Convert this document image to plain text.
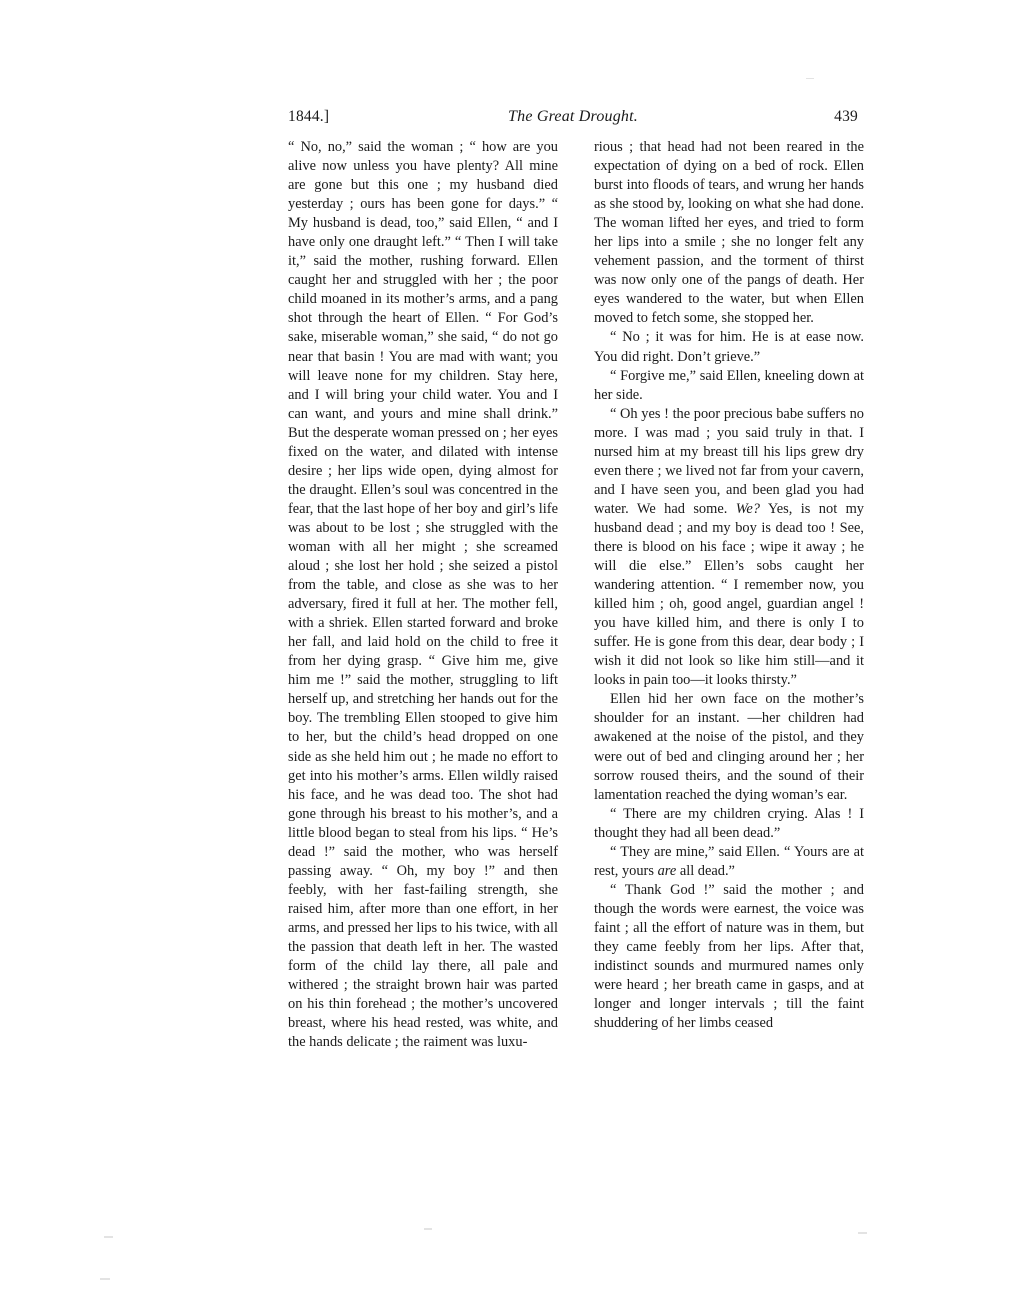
1844.]	The Great Drought.	439

“ No, no,” said the woman ; “ how are you alive now unless you have plenty? All mine are gone but this one ; my husband died yesterday ; ours has been gone for days.” “ My husband is dead, too,” said Ellen, “ and I have only one draught left.” “ Then I will take it,” said the mother, rushing forward. Ellen caught her and struggled with her ; the poor child moaned in its mother’s arms, and a pang shot through the heart of Ellen. “ For God’s sake, miserable woman,” she said, “ do not go near that basin ! You are mad with want; you will leave none for my children. Stay here, and I will bring your child water. You and I can want, and yours and mine shall drink.” But the desperate woman pressed on ; her eyes fixed on the water, and dilated with intense desire ; her lips wide open, dying almost for the draught. Ellen’s soul was concentred in the fear, that the last hope of her boy and girl’s life was about to be lost ; she struggled with the woman with all her might ; she screamed aloud ; she lost her hold ; she seized a pistol from the table, and close as she was to her adversary, fired it full at her. The mother fell, with a shriek. Ellen started forward and broke her fall, and laid hold on the child to free it from her dying grasp. “ Give him me, give him me !” said the mother, struggling to lift herself up, and stretching her hands out for the boy. The trembling Ellen stooped to give him to her, but the child’s head dropped on one side as she held him out ; he made no effort to get into his mother’s arms. Ellen wildly raised his face, and he was dead too. The shot had gone through his breast to his mother’s, and a little blood began to steal from his lips. “ He’s dead !” said the mother, who was herself passing away. “ Oh, my boy !” and then feebly, with her fast-failing strength, she raised him, after more than one effort, in her arms, and pressed her lips to his twice, with all the passion that death left in her. The wasted form of the child lay there, all pale and withered ; the straight brown hair was parted on his thin forehead ; the mother’s uncovered breast, where his head rested, was white, and the hands delicate ; the raiment was luxu-

rious ; that head had not been reared in the expectation of dying on a bed of rock. Ellen burst into floods of tears, and wrung her hands as she stood by, looking on what she had done. The woman lifted her eyes, and tried to form her lips into a smile ; she no longer felt any vehement passion, and the torment of thirst was now only one of the pangs of death. Her eyes wandered to the water, but when Ellen moved to fetch some, she stopped her.

“ No ; it was for him. He is at ease now. You did right. Don’t grieve.”

“ Forgive me,” said Ellen, kneeling down at her side.

“ Oh yes ! the poor precious babe suffers no more. I was mad ; you said truly in that. I nursed him at my breast till his lips grew dry even there ; we lived not far from your cavern, and I have seen you, and been glad you had water. We had some. We? Yes, is not my husband dead ; and my boy is dead too ! See, there is blood on his face ; wipe it away ; he will die else.” Ellen’s sobs caught her wandering attention. “ I remember now, you killed him ; oh, good angel, guardian angel ! you have killed him, and there is only I to suffer. He is gone from this dear, dear body ; I wish it did not look so like him still—and it looks in pain too—it looks thirsty.”

Ellen hid her own face on the mother’s shoulder for an instant. —her children had awakened at the noise of the pistol, and they were out of bed and clinging around her ; her sorrow roused theirs, and the sound of their lamentation reached the dying woman’s ear.

“ There are my children crying. Alas ! I thought they had all been dead.”

“ They are mine,” said Ellen. “ Yours are at rest, yours are all dead.”

“ Thank God !” said the mother ; and though the words were earnest, the voice was faint ; all the effort of nature was in them, but they came feebly from her lips. After that, indistinct sounds and murmured names only were heard ; her breath came in gasps, and at longer and longer intervals ; till the faint shuddering of her limbs ceased
